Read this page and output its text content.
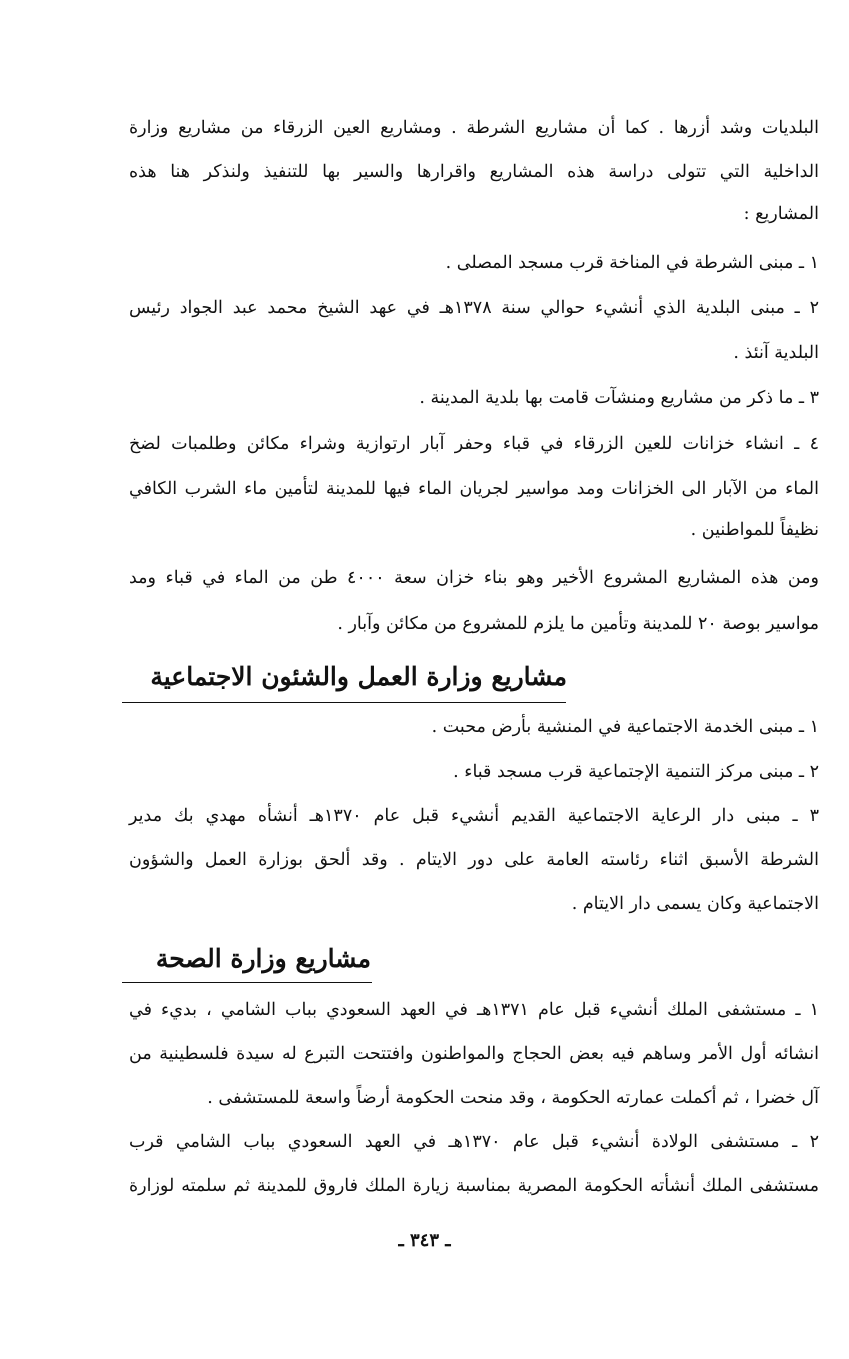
البلديات وشد أزرها . كما أن مشاريع الشرطة . ومشاريع العين الزرقاء من مشاريع وزارة
الداخلية التي تتولى دراسة هذه المشاريع واقرارها والسير بها للتنفيذ ولنذكر هنا هذه
المشاريع :
١ ـ مبنى الشرطة في المناخة قرب مسجد المصلى .
٢ ـ مبنى البلدية الذي أنشيء حوالي سنة ١٣٧٨هـ في عهد الشيخ محمد عبد الجواد رئيس
البلدية آنئذ .
٣ ـ ما ذكر من مشاريع ومنشآت قامت بها بلدية المدينة .
٤ ـ انشاء خزانات للعين الزرقاء في قباء وحفر آبار ارتوازية وشراء مكائن وطلمبات لضخ
الماء من الآبار الى الخزانات ومد مواسير لجريان الماء فيها للمدينة لتأمين ماء الشرب الكافي
نظيفاً للمواطنين .
ومن هذه المشاريع المشروع الأخير وهو بناء خزان سعة ٤٠٠٠ طن من الماء في قباء ومد
مواسير بوصة ٢٠ للمدينة وتأمين ما يلزم للمشروع من مكائن وآبار .
مشاريع وزارة العمل والشئون الاجتماعية
١ ـ مبنى الخدمة الاجتماعية في المنشية بأرض محبت .
٢ ـ مبنى مركز التنمية الإجتماعية قرب مسجد قباء .
٣ ـ مبنى دار الرعاية الاجتماعية القديم أنشيء قبل عام ١٣٧٠هـ أنشأه مهدي بك مدير
الشرطة الأسبق اثناء رئاسته العامة على دور الايتام . وقد ألحق بوزارة العمل والشؤون
الاجتماعية وكان يسمى دار الايتام .
مشاريع وزارة الصحة
١ ـ مستشفى الملك أنشيء قبل عام ١٣٧١هـ في العهد السعودي بباب الشامي ، بديء في
انشائه أول الأمر وساهم فيه بعض الحجاج والمواطنون وافتتحت التبرع له سيدة فلسطينية من
آل خضرا ، ثم أكملت عمارته الحكومة ، وقد منحت الحكومة أرضاً واسعة للمستشفى .
٢ ـ مستشفى الولادة أنشيء قبل عام ١٣٧٠هـ في العهد السعودي بباب الشامي قرب
مستشفى الملك أنشأته الحكومة المصرية بمناسبة زيارة الملك فاروق للمدينة ثم سلمته لوزارة
ـ ٣٤٣ ـ
